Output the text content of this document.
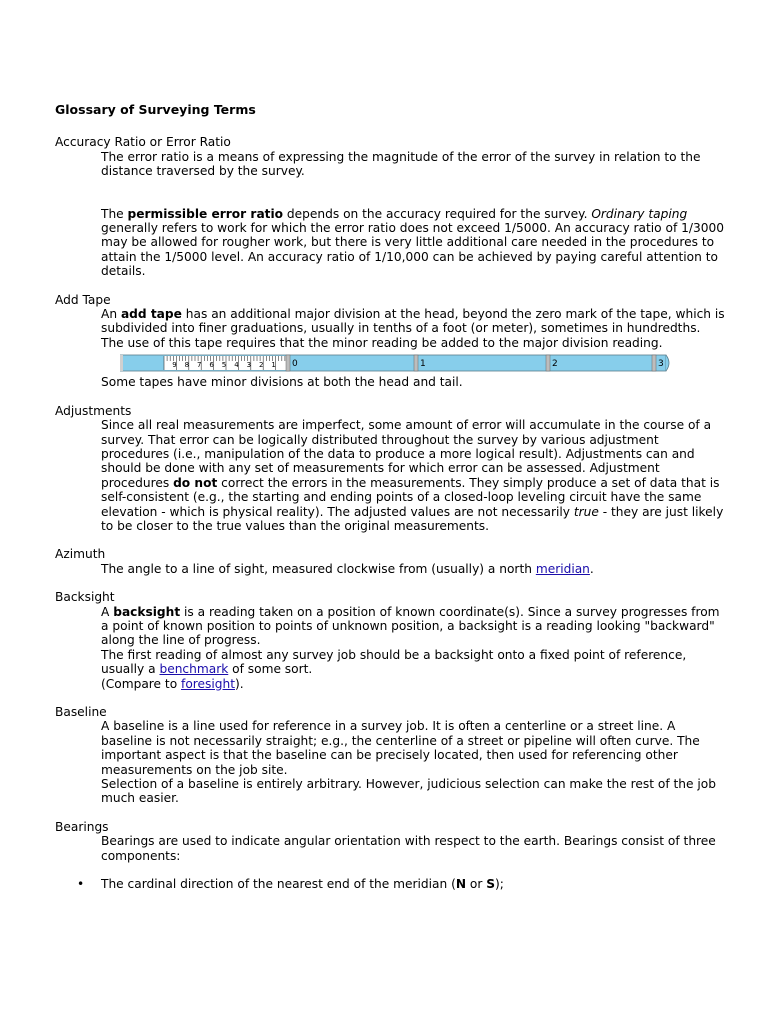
Glossary of Surveying Terms

Accuracy Ratio or Error Ratio

The error ratio is a means of expressing the magnitude of the error of the survey in relation to the distance traversed by the survey.

The permissible error ratio depends on the accuracy required for the survey. Ordinary taping generally refers to work for which the error ratio does not exceed 1/5000. An accuracy ratio of 1/3000 may be allowed for rougher work, but there is very little additional care needed in the procedures to attain the 1/5000 level. An accuracy ratio of 1/10,000 can be achieved by paying careful attention to details.

Add Tape

An add tape has an additional major division at the head, beyond the zero mark of the tape, which is subdivided into finer graduations, usually in tenths of a foot (or meter), sometimes in hundredths. The use of this tape requires that the minor reading be added to the major division reading.

9 8 7 6 5 4 3 2 1 0	1	2	3

Some tapes have minor divisions at both the head and tail.

Adjustments

Since all real measurements are imperfect, some amount of error will accumulate in the course of a survey. That error can be logically distributed throughout the survey by various adjustment procedures (i.e., manipulation of the data to produce a more logical result). Adjustments can and should be done with any set of measurements for which error can be assessed. Adjustment procedures do not correct the errors in the measurements. They simply produce a set of data that is self-consistent (e.g., the starting and ending points of a closed-loop leveling circuit have the same elevation - which is physical reality). The adjusted values are not necessarily true - they are just likely to be closer to the true values than the original measurements.

Azimuth

The angle to a line of sight, measured clockwise from (usually) a north meridian.

Backsight

A backsight is a reading taken on a position of known coordinate(s). Since a survey progresses from a point of known position to points of unknown position, a backsight is a reading looking "backward" along the line of progress.

The first reading of almost any survey job should be a backsight onto a fixed point of reference, usually a benchmark of some sort.

(Compare to foresight).

Baseline

A baseline is a line used for reference in a survey job. It is often a centerline or a street line. A baseline is not necessarily straight; e.g., the centerline of a street or pipeline will often curve. The important aspect is that the baseline can be precisely located, then used for referencing other measurements on the job site.

Selection of a baseline is entirely arbitrary. However, judicious selection can make the rest of the job much easier.

Bearings

Bearings are used to indicate angular orientation with respect to the earth. Bearings consist of three components:

• The cardinal direction of the nearest end of the meridian (N or S);
